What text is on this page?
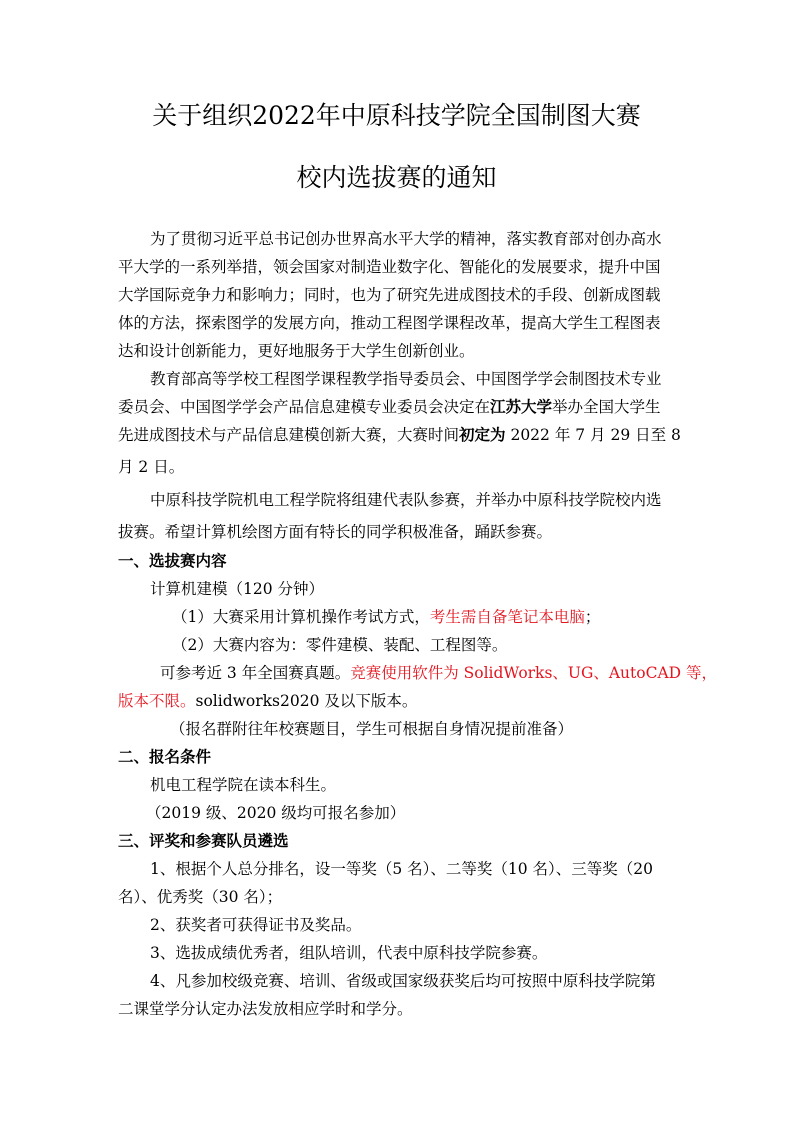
关于组织2022年中原科技学院全国制图大赛
校内选拔赛的通知
为了贯彻习近平总书记创办世界高水平大学的精神，落实教育部对创办高水
平大学的一系列举措，领会国家对制造业数字化、智能化的发展要求，提升中国
大学国际竞争力和影响力；同时，也为了研究先进成图技术的手段、创新成图载
体的方法，探索图学的发展方向，推动工程图学课程改革，提高大学生工程图表
达和设计创新能力，更好地服务于大学生创新创业。
教育部高等学校工程图学课程教学指导委员会、中国图学学会制图技术专业
委员会、中国图学学会产品信息建模专业委员会决定在江苏大学举办全国大学生
先进成图技术与产品信息建模创新大赛，大赛时间初定为 2022 年 7 月 29 日至 8
月 2 日。
中原科技学院机电工程学院将组建代表队参赛，并举办中原科技学院校内选
拔赛。希望计算机绘图方面有特长的同学积极准备，踊跃参赛。
一、选拔赛内容
计算机建模（120 分钟）
（1）大赛采用计算机操作考试方式，考生需自备笔记本电脑；
（2）大赛内容为：零件建模、装配、工程图等。
可参考近 3 年全国赛真题。竞赛使用软件为 SolidWorks、UG、AutoCAD 等，
版本不限。solidworks2020 及以下版本。
（报名群附往年校赛题目，学生可根据自身情况提前准备）
二、报名条件
机电工程学院在读本科生。
（2019 级、2020 级均可报名参加）
三、评奖和参赛队员遴选
1、根据个人总分排名，设一等奖（5 名）、二等奖（10 名）、三等奖（20
名）、优秀奖（30 名）；
2、获奖者可获得证书及奖品。
3、选拔成绩优秀者，组队培训，代表中原科技学院参赛。
4、凡参加校级竞赛、培训、省级或国家级获奖后均可按照中原科技学院第
二课堂学分认定办法发放相应学时和学分。
